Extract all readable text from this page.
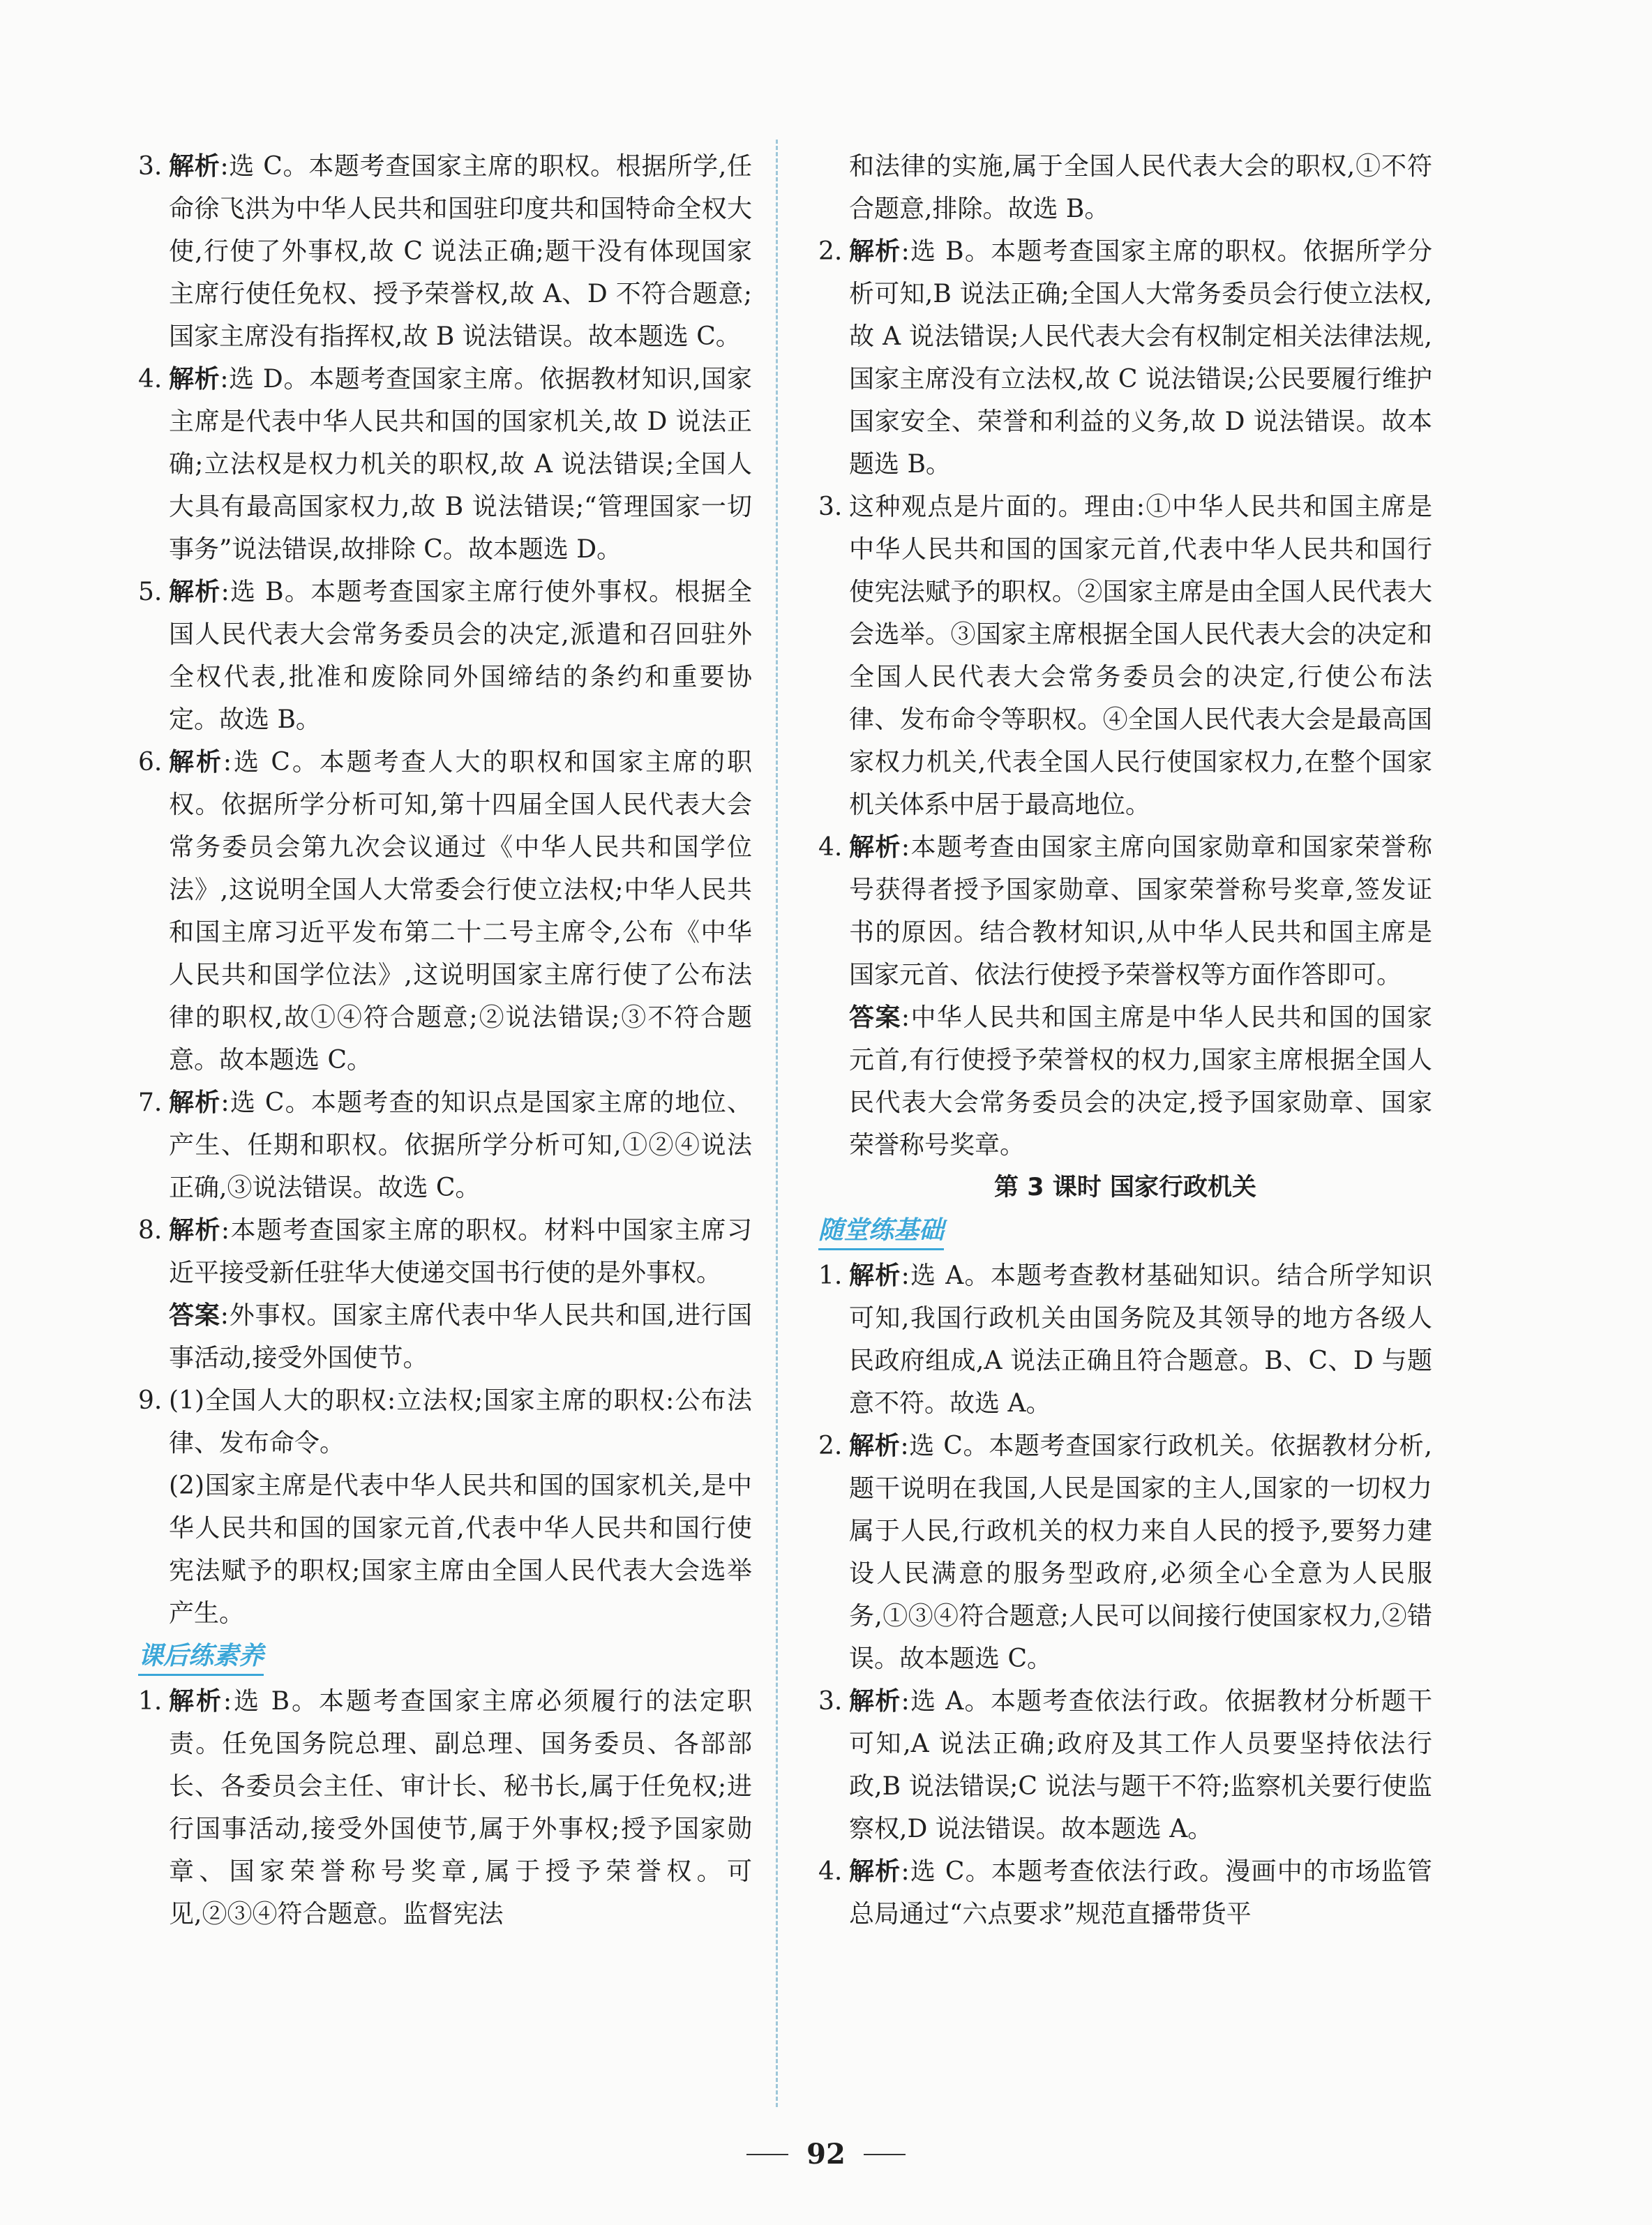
3. 解析:选 C。本题考查国家主席的职权。根据所学,任命徐飞洪为中华人民共和国驻印度共和国特命全权大使,行使了外事权,故 C 说法正确;题干没有体现国家主席行使任免权、授予荣誉权,故 A、D 不符合题意;国家主席没有指挥权,故 B 说法错误。故本题选 C。

4. 解析:选 D。本题考查国家主席。依据教材知识,国家主席是代表中华人民共和国的国家机关,故 D 说法正确;立法权是权力机关的职权,故 A 说法错误;全国人大具有最高国家权力,故 B 说法错误;“管理国家一切事务”说法错误,故排除 C。故本题选 D。

5. 解析:选 B。本题考查国家主席行使外事权。根据全国人民代表大会常务委员会的决定,派遣和召回驻外全权代表,批准和废除同外国缔结的条约和重要协定。故选 B。

6. 解析:选 C。本题考查人大的职权和国家主席的职权。依据所学分析可知,第十四届全国人民代表大会常务委员会第九次会议通过《中华人民共和国学位法》,这说明全国人大常委会行使立法权;中华人民共和国主席习近平发布第二十二号主席令,公布《中华人民共和国学位法》,这说明国家主席行使了公布法律的职权,故①④符合题意;②说法错误;③不符合题意。故本题选 C。

7. 解析:选 C。本题考查的知识点是国家主席的地位、产生、任期和职权。依据所学分析可知,①②④说法正确,③说法错误。故选 C。

8. 解析:本题考查国家主席的职权。材料中国家主席习近平接受新任驻华大使递交国书行使的是外事权。

答案:外事权。国家主席代表中华人民共和国,进行国事活动,接受外国使节。

9. (1)全国人大的职权:立法权;国家主席的职权:公布法律、发布命令。

(2)国家主席是代表中华人民共和国的国家机关,是中华人民共和国的国家元首,代表中华人民共和国行使宪法赋予的职权;国家主席由全国人民代表大会选举产生。

课后练素养
1. 解析:选 B。本题考查国家主席必须履行的法定职责。任免国务院总理、副总理、国务委员、各部部长、各委员会主任、审计长、秘书长,属于任免权;进行国事活动,接受外国使节,属于外事权;授予国家勋章、国家荣誉称号奖章,属于授予荣誉权。可见,②③④符合题意。监督宪法

和法律的实施,属于全国人民代表大会的职权,①不符合题意,排除。故选 B。

2. 解析:选 B。本题考查国家主席的职权。依据所学分析可知,B 说法正确;全国人大常务委员会行使立法权,故 A 说法错误;人民代表大会有权制定相关法律法规,国家主席没有立法权,故 C 说法错误;公民要履行维护国家安全、荣誉和利益的义务,故 D 说法错误。故本题选 B。

3. 这种观点是片面的。理由:①中华人民共和国主席是中华人民共和国的国家元首,代表中华人民共和国行使宪法赋予的职权。②国家主席是由全国人民代表大会选举。③国家主席根据全国人民代表大会的决定和全国人民代表大会常务委员会的决定,行使公布法律、发布命令等职权。④全国人民代表大会是最高国家权力机关,代表全国人民行使国家权力,在整个国家机关体系中居于最高地位。

4. 解析:本题考查由国家主席向国家勋章和国家荣誉称号获得者授予国家勋章、国家荣誉称号奖章,签发证书的原因。结合教材知识,从中华人民共和国主席是国家元首、依法行使授予荣誉权等方面作答即可。

答案:中华人民共和国主席是中华人民共和国的国家元首,有行使授予荣誉权的权力,国家主席根据全国人民代表大会常务委员会的决定,授予国家勋章、国家荣誉称号奖章。

第 3 课时 国家行政机关
随堂练基础
1. 解析:选 A。本题考查教材基础知识。结合所学知识可知,我国行政机关由国务院及其领导的地方各级人民政府组成,A 说法正确且符合题意。B、C、D 与题意不符。故选 A。

2. 解析:选 C。本题考查国家行政机关。依据教材分析,题干说明在我国,人民是国家的主人,国家的一切权力属于人民,行政机关的权力来自人民的授予,要努力建设人民满意的服务型政府,必须全心全意为人民服务,①③④符合题意;人民可以间接行使国家权力,②错误。故本题选 C。

3. 解析:选 A。本题考查依法行政。依据教材分析题干可知,A 说法正确;政府及其工作人员要坚持依法行政,B 说法错误;C 说法与题干不符;监察机关要行使监察权,D 说法错误。故本题选 A。

4. 解析:选 C。本题考查依法行政。漫画中的市场监管总局通过“六点要求”规范直播带货平

92
